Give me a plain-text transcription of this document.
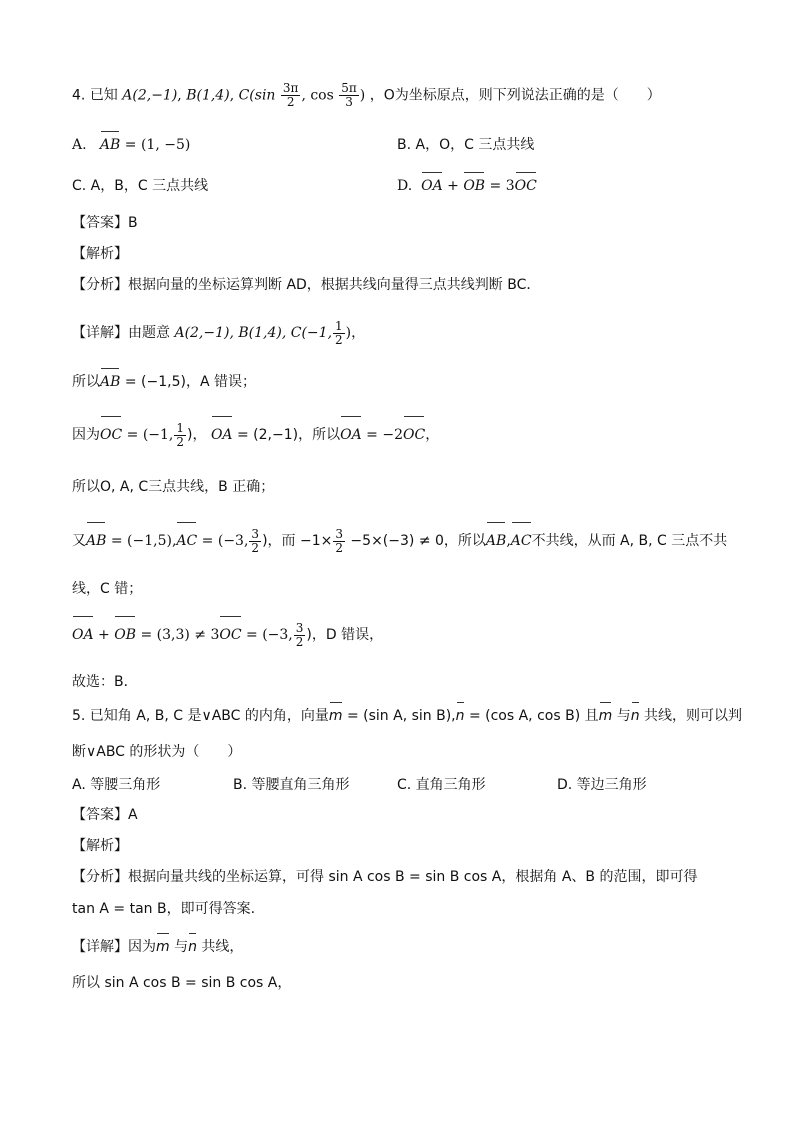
4. 已知 A(2,−1), B(1,4), $C(\sin \frac{3\pi}{2}$ , $\cos \frac{5\pi}{3}$ ) ，O为坐标原点，则下列说法正确的是（　　）
A. AB = (1, −5)	B. A，O，C 三点共线
C. A，B，C 三点共线	D. OA + OB = 3OC
【答案】B
【解析】
【分析】根据向量的坐标运算判断 AD，根据共线向量得三点共线判断 BC．
【详解】由题意 A(2,−1), B(1,4), C(−1, $\frac{1}{2}$ )，
所以AB = (−1,5)，A 错误；
因为OC = (−1, $\frac{1}{2}$ )， OA = (2,−1)，所以OA = −2OC，
所以O, A, C三点共线，B 正确；
又AB = (−1,5),AC = (−3, $\frac{3}{2}$ )，而 $-1\times \frac{3}{2} -5\times(-3) \ne 0$，所以AB,AC不共线，从而 A, B, C 三点不共
线，C 错；
OA + OB = (3,3) ≠ 3OC = (−3, $\frac{3}{2}$ )，D 错误，
故选：B．
5. 已知角 A, B, C 是∨ABC 的内角，向量m = (sin A, sin B),n = (cos A, cos B) 且m 与n 共线，则可以判
断∨ABC 的形状为（　　）
A. 等腰三角形	B. 等腰直角三角形	C. 直角三角形	D. 等边三角形
【答案】A
【解析】
【分析】根据向量共线的坐标运算，可得 sin A cos B = sin B cos A，根据角 A、B 的范围，即可得
tan A = tan B，即可得答案.
【详解】因为m 与n 共线，
所以 sin A cos B = sin B cos A，
